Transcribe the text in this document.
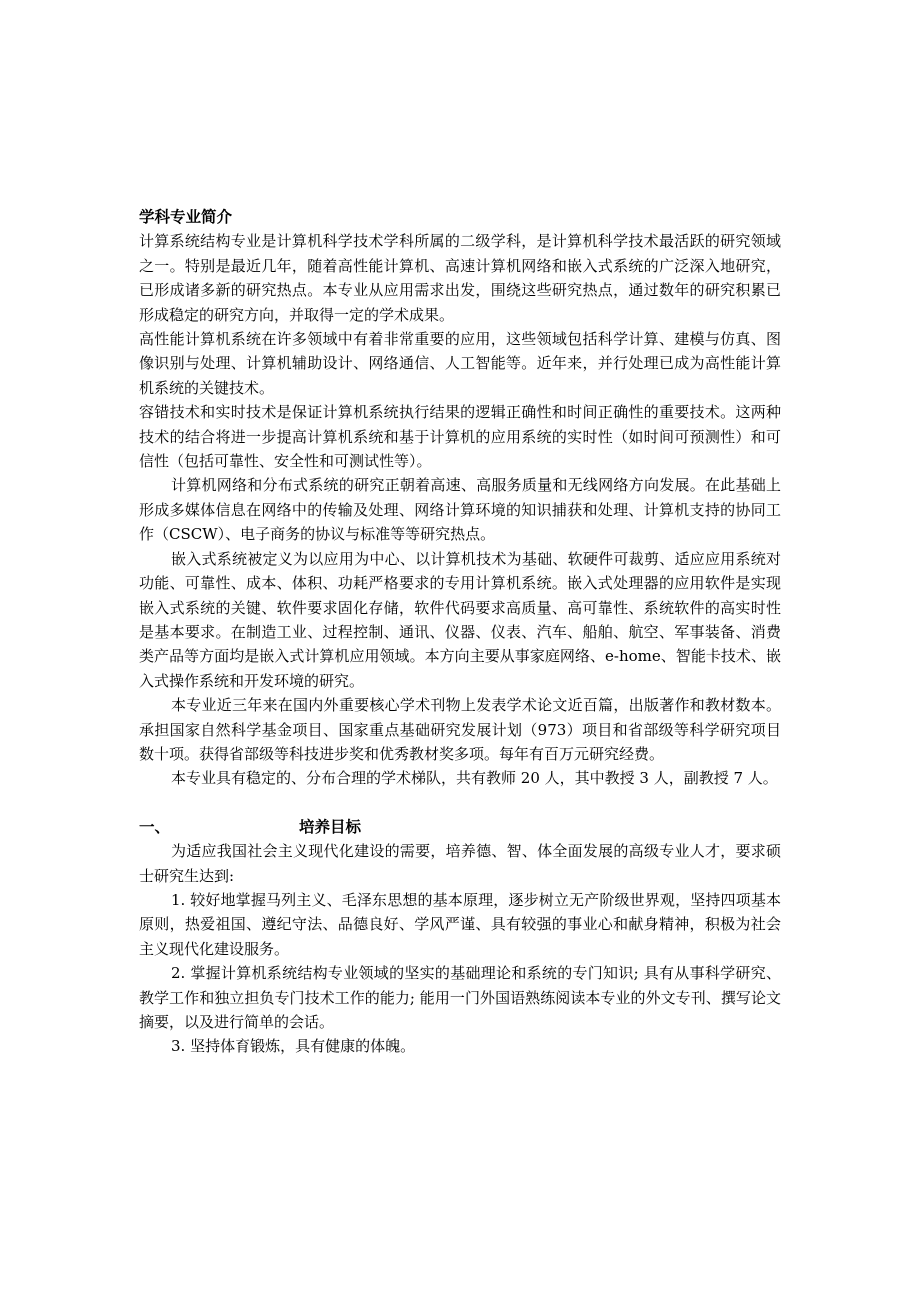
学科专业简介

计算系统结构专业是计算机科学技术学科所属的二级学科，是计算机科学技术最活跃的研究领域之一。特别是最近几年，随着高性能计算机、高速计算机网络和嵌入式系统的广泛深入地研究，已形成诸多新的研究热点。本专业从应用需求出发，围绕这些研究热点，通过数年的研究积累已形成稳定的研究方向，并取得一定的学术成果。

高性能计算机系统在许多领域中有着非常重要的应用，这些领域包括科学计算、建模与仿真、图像识别与处理、计算机辅助设计、网络通信、人工智能等。近年来，并行处理已成为高性能计算机系统的关键技术。

容错技术和实时技术是保证计算机系统执行结果的逻辑正确性和时间正确性的重要技术。这两种技术的结合将进一步提高计算机系统和基于计算机的应用系统的实时性（如时间可预测性）和可信性（包括可靠性、安全性和可测试性等）。

计算机网络和分布式系统的研究正朝着高速、高服务质量和无线网络方向发展。在此基础上形成多媒体信息在网络中的传输及处理、网络计算环境的知识捕获和处理、计算机支持的协同工作（CSCW）、电子商务的协议与标准等等研究热点。

嵌入式系统被定义为以应用为中心、以计算机技术为基础、软硬件可裁剪、适应应用系统对功能、可靠性、成本、体积、功耗严格要求的专用计算机系统。嵌入式处理器的应用软件是实现嵌入式系统的关键、软件要求固化存储，软件代码要求高质量、高可靠性、系统软件的高实时性是基本要求。在制造工业、过程控制、通讯、仪器、仪表、汽车、船舶、航空、军事装备、消费类产品等方面均是嵌入式计算机应用领域。本方向主要从事家庭网络、e-home、智能卡技术、嵌入式操作系统和开发环境的研究。

本专业近三年来在国内外重要核心学术刊物上发表学术论文近百篇，出版著作和教材数本。承担国家自然科学基金项目、国家重点基础研究发展计划（973）项目和省部级等科学研究项目数十项。获得省部级等科技进步奖和优秀教材奖多项。每年有百万元研究经费。

本专业具有稳定的、分布合理的学术梯队，共有教师 20 人，其中教授 3 人，副教授 7 人。

一、	培养目标

为适应我国社会主义现代化建设的需要，培养德、智、体全面发展的高级专业人才，要求硕士研究生达到:

1. 较好地掌握马列主义、毛泽东思想的基本原理，逐步树立无产阶级世界观，坚持四项基本原则，热爱祖国、遵纪守法、品德良好、学风严谨、具有较强的事业心和献身精神，积极为社会主义现代化建设服务。

2. 掌握计算机系统结构专业领域的坚实的基础理论和系统的专门知识; 具有从事科学研究、教学工作和独立担负专门技术工作的能力; 能用一门外国语熟练阅读本专业的外文专刊、撰写论文摘要，以及进行简单的会话。

3. 坚持体育锻炼，具有健康的体魄。
